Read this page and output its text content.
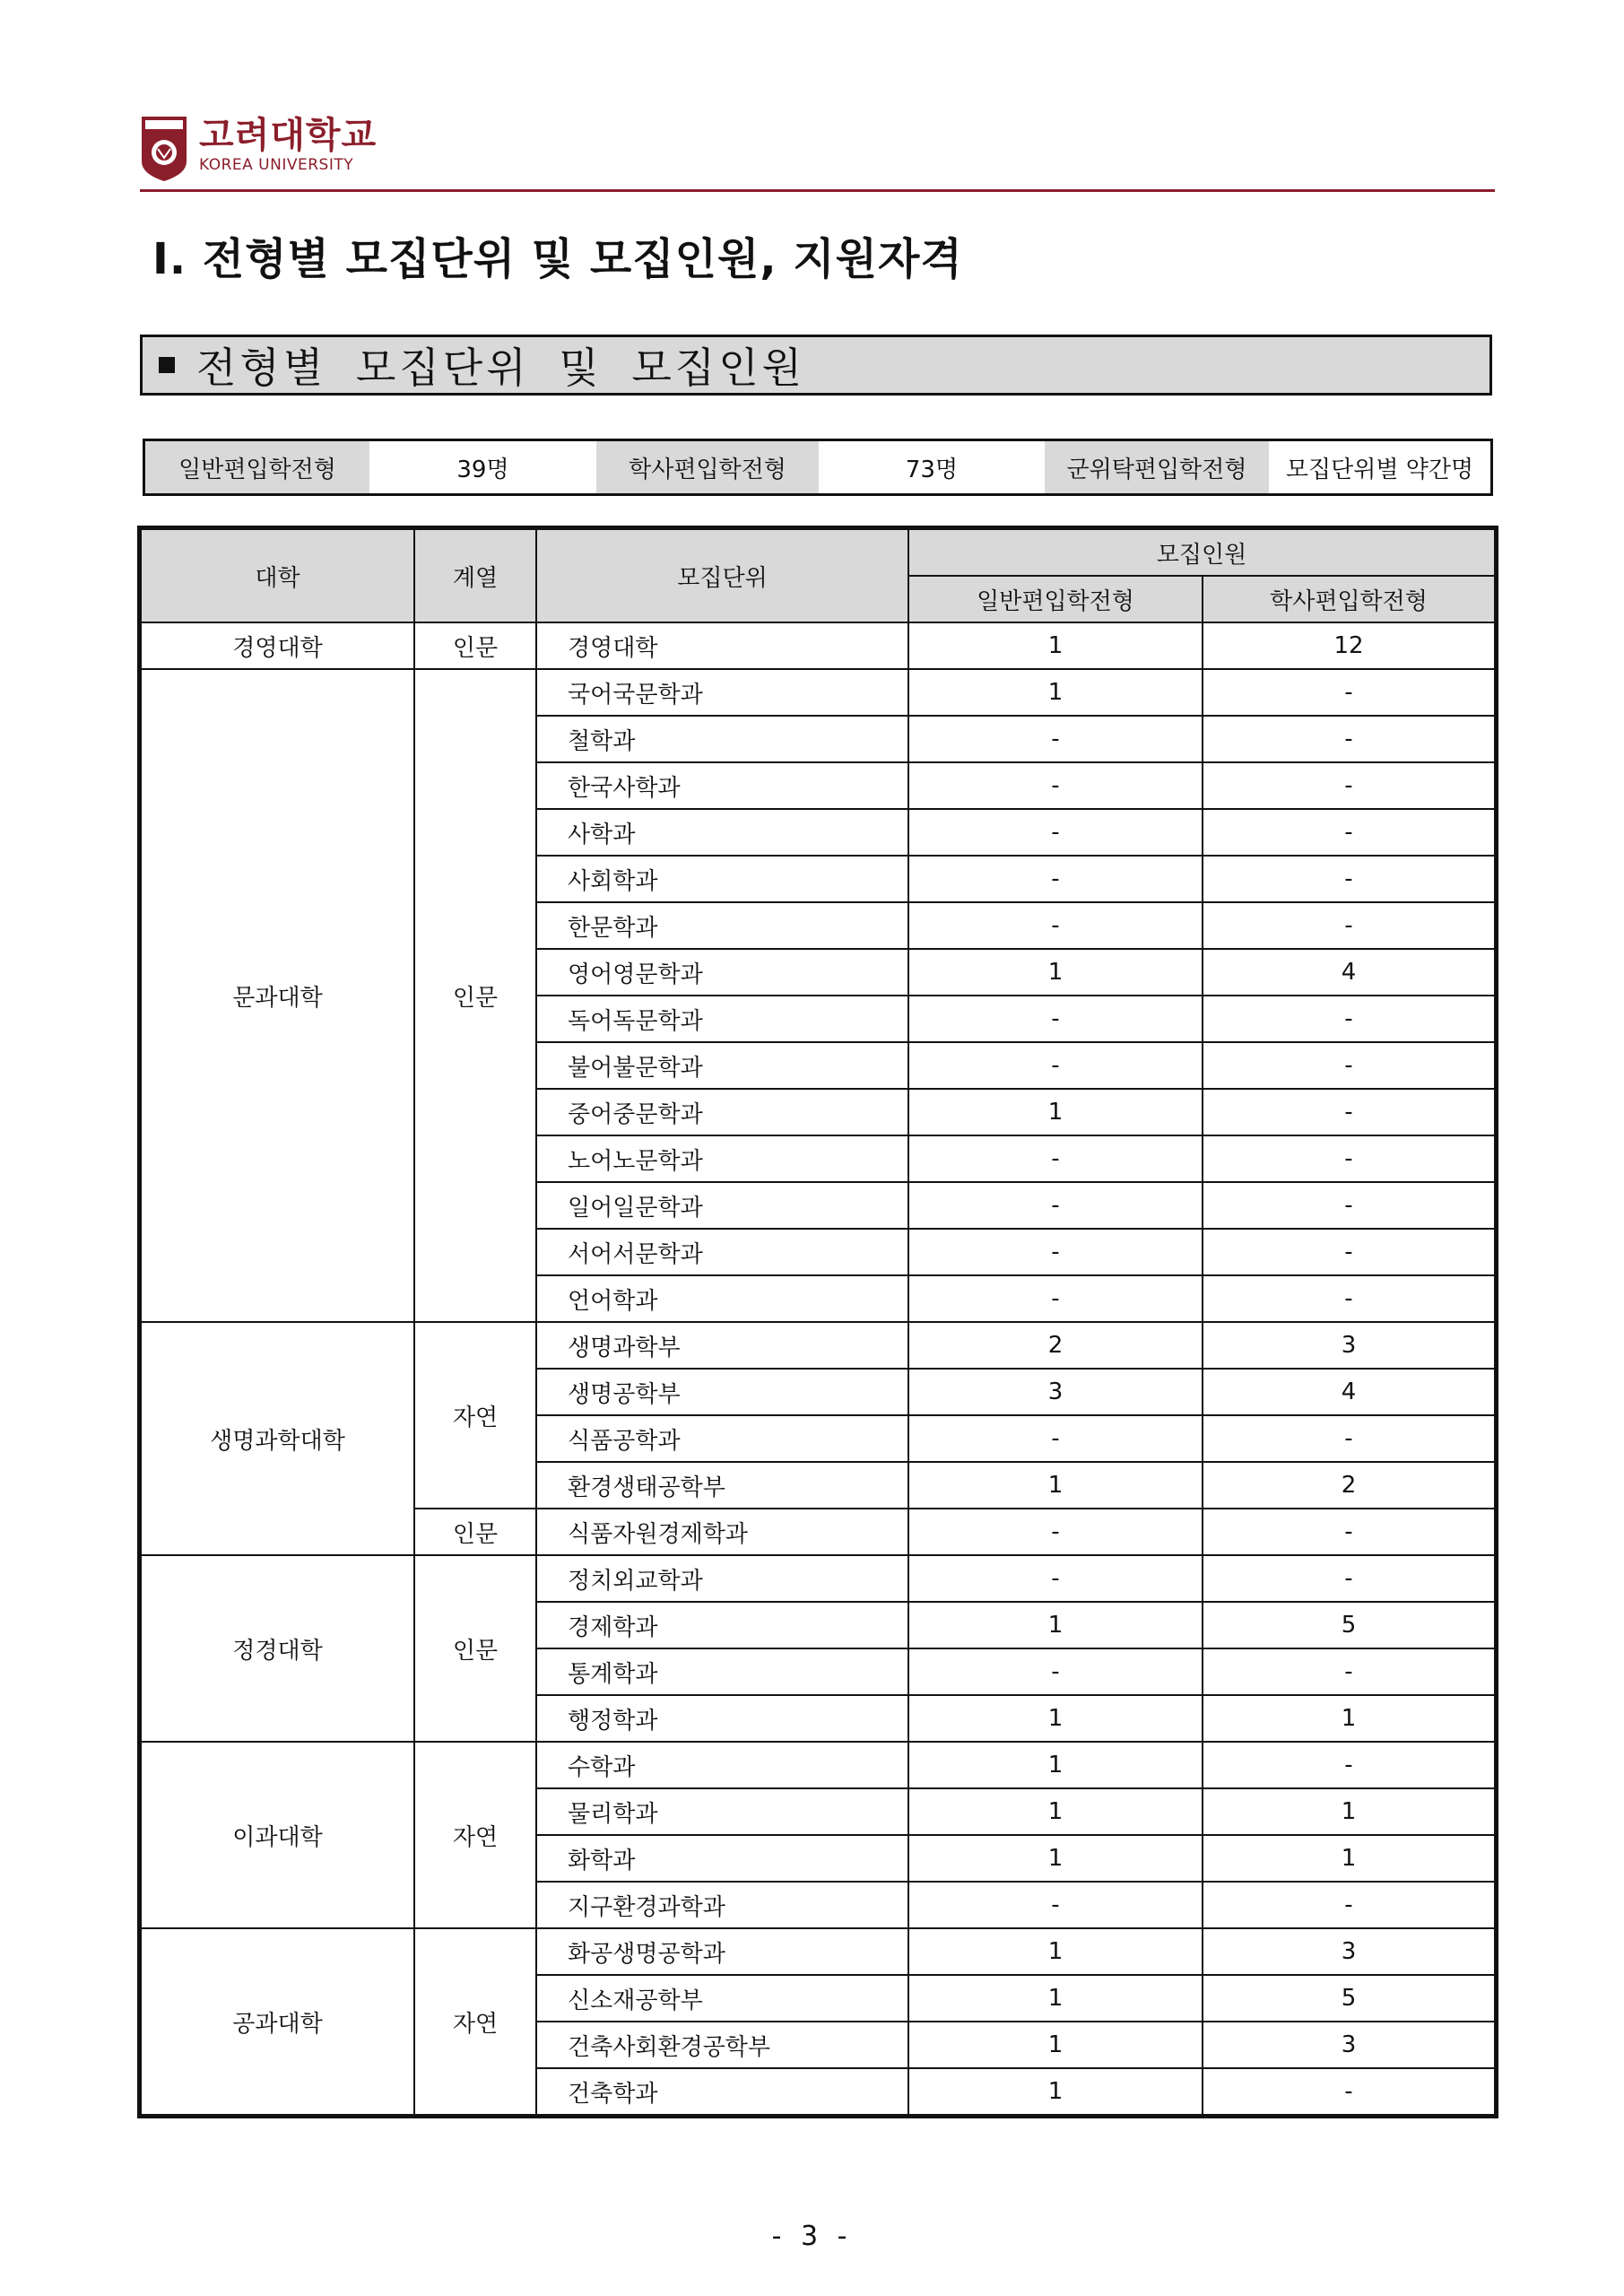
고려대학교
KOREA UNIVERSITY
Ⅰ. 전형별 모집단위 및 모집인원, 지원자격
전형별 모집단위 및 모집인원
일반편입학전형	39명	학사편입학전형	73명	군위탁편입학전형	모집단위별 약간명
대학	계열	모집단위	모집인원	
			일반편입학전형	학사편입학전형
경영대학	인문	경영대학	1	12
문과대학	인문	국어국문학과	1	-
		철학과	-	-
		한국사학과	-	-
		사학과	-	-
		사회학과	-	-
		한문학과	-	-
		영어영문학과	1	4
		독어독문학과	-	-
		불어불문학과	-	-
		중어중문학과	1	-
		노어노문학과	-	-
		일어일문학과	-	-
		서어서문학과	-	-
		언어학과	-	-
생명과학대학	자연	생명과학부	2	3
		생명공학부	3	4
		식품공학과	-	-
		환경생태공학부	1	2
	인문	식품자원경제학과	-	-
정경대학	인문	정치외교학과	-	-
		경제학과	1	5
		통계학과	-	-
		행정학과	1	1
이과대학	자연	수학과	1	-
		물리학과	1	1
		화학과	1	1
		지구환경과학과	-	-
공과대학	자연	화공생명공학과	1	3
		신소재공학부	1	5
		건축사회환경공학부	1	3
		건축학과	1	-
- 3 -
